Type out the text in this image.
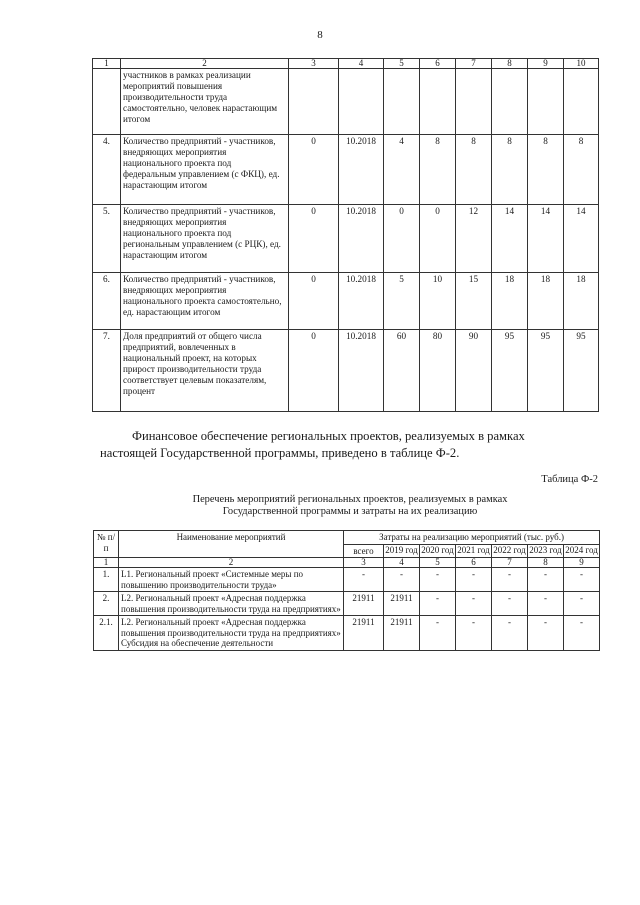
8
1	2	3	4	5	6	7	8	9	10
	участников в рамках реализации мероприятий повышения производительности труда самостоятельно, человек нарастающим итогом								
4.	Количество предприятий - участников, внедряющих мероприятия национального проекта под федеральным управлением (с ФКЦ), ед. нарастающим итогом	0	10.2018	4	8	8	8	8	8
5.	Количество предприятий - участников, внедряющих мероприятия национального проекта под региональным управлением (с РЦК), ед. нарастающим итогом	0	10.2018	0	0	12	14	14	14
6.	Количество предприятий - участников, внедряющих мероприятия национального проекта самостоятельно, ед. нарастающим итогом	0	10.2018	5	10	15	18	18	18
7.	Доля предприятий от общего числа предприятий, вовлеченных в национальный проект, на которых прирост производительности труда соответствует целевым показателям, процент	0	10.2018	60	80	90	95	95	95
Финансовое обеспечение региональных проектов, реализуемых в рамках
настоящей Государственной программы, приведено в таблице Ф-2.
Таблица Ф-2
Перечень мероприятий региональных проектов, реализуемых в рамках
Государственной программы и затраты на их реализацию
№ п/п	Наименование мероприятий	Затраты на реализацию мероприятий (тыс. руб.)						
		всего	2019 год	2020 год	2021 год	2022 год	2023 год	2024 год
1	2	3	4	5	6	7	8	9
1.	L1. Региональный проект «Системные меры по повышению производительности труда»	-	-	-	-	-	-	-
2.	L2. Региональный проект «Адресная поддержка повышения производительности труда на предприятиях»	21911	21911	-	-	-	-	-
2.1.	L2. Региональный проект «Адресная поддержка повышения производительности труда на предприятиях» Субсидия на обеспечение деятельности	21911	21911	-	-	-	-	-
